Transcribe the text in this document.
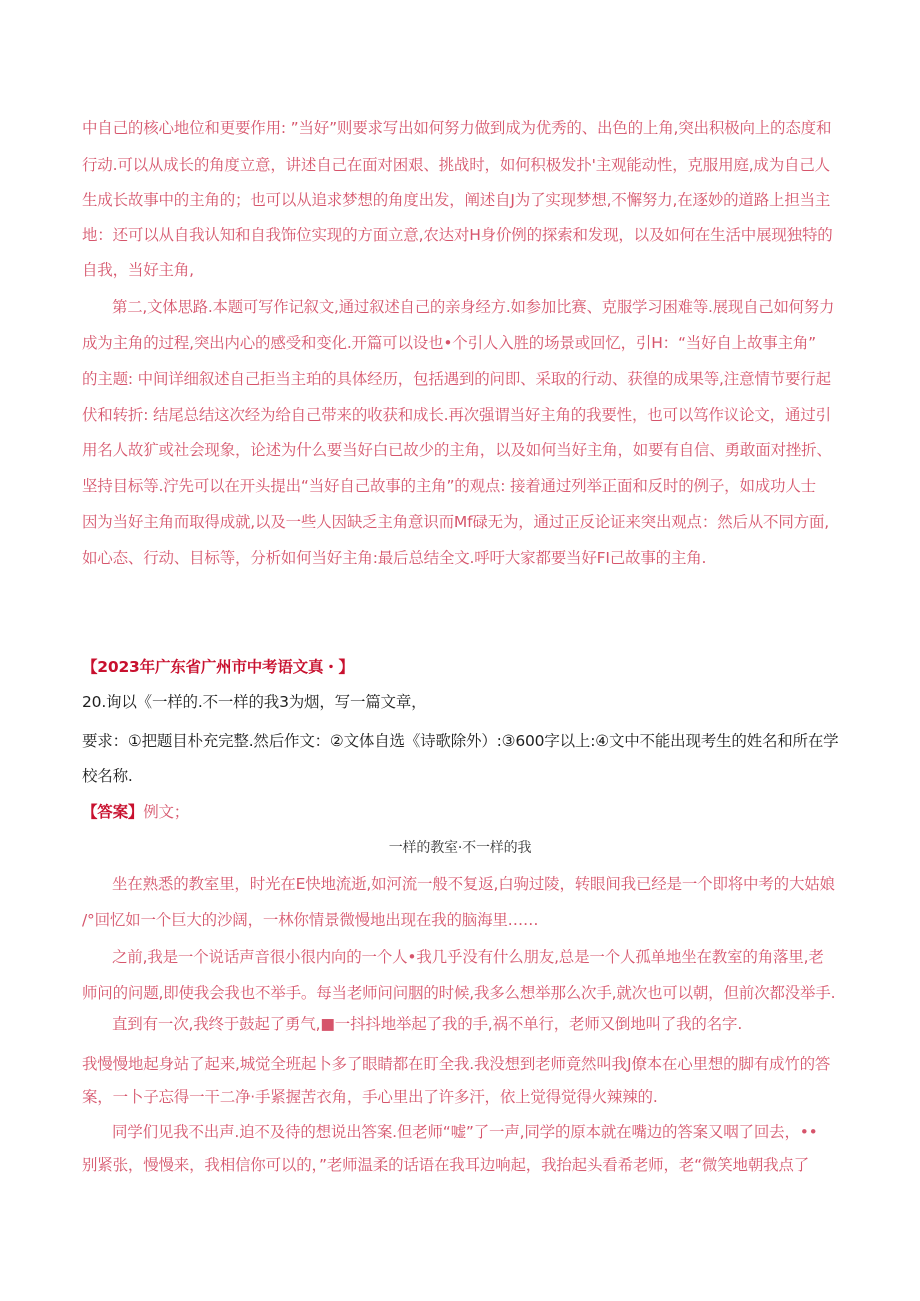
中自己的核心地位和更要作用: ”当好”则要求写出如何努力做到成为优秀的、出色的上角,突出积极向上的态度和

行动.可以从成长的角度立意，讲述自己在面对困艰、挑战时，如何积极发扑'主观能动性，克服用庭,成为自己人

生成长故事中的主角的；也可以从追求梦想的角度出发，阐述自J为了实现梦想,不懈努力,在逐妙的道路上担当主

地：还可以从自我认知和自我饰位实现的方面立意,农达对H身价例的探索和发现，以及如何在生活中展现独特的

自我，当好主角,

第二,文体思路.本题可写作记叙文,通过叙述自己的亲身经方.如参加比赛、克服学习困难等.展现自己如何努力

成为主角的过程,突出内心的感受和变化.开篇可以设也•个引人入胜的场景或回忆，引H：“当好自上故事主角”

的主题: 中间详细叙述自己拒当主珀的具体经历，包括遇到的问即、采取的行动、获徨的成果等,注意情节要行起

伏和转折: 结尾总结这次经为给自己带来的收获和成长.再次强谓当好主角的我要性，也可以笃作议论文，通过引

用名人故犷或社会现象，论述为什么要当好白已故少的主角，以及如何当好主角，如要有自信、勇敢面对挫折、

坚持目标等.泞先可以在开头提出“当好自己故事的主角”的观点: 接着通过列举正面和反时的例子，如成功人士

因为当好主角而取得成就,以及一些人因缺乏主角意识而Mf碌无为，通过正反论证来突出观点：然后从不同方面,

如心态、行动、目标等，分析如何当好主角:最后总结全文.呼吁大家都要当好FI己故事的主角.

【2023年广东省广州市中考语文真・】

20.询以《一样的.不一样的我3为烟，写一篇文章，

要求：①把题目朴充完整.然后作文：②文体自选《诗歌除外）:③600字以上:④文中不能出现考生的姓名和所在学

校名称.

【答案】例文；

一样的教室·不一样的我

坐在熟悉的教室里，时光在E快地流逝,如河流一般不复返,白驹过陵，转眼间我已经是一个即将中考的大姑娘

/°回忆如一个巨大的沙阔，一林你情景微慢地出现在我的脑海里……

之前,我是一个说话声音很小很内向的一个人•我几乎没有什么朋友,总是一个人孤单地坐在教室的角落里,老

师问的问题,即使我会我也不举手。每当老师问问胭的时候,我多么想举那么次手,就次也可以朝，但前次都没举手.

直到有一次,我终于鼓起了勇气,■一抖抖地举起了我的手,祸不单行，老师又倒地叫了我的名字.

我慢慢地起身站了起来,城觉全班起卜多了眼睛都在盯全我.我没想到老师竟然叫我J僚本在心里想的脚有成竹的答

案，一卜子忘得一干二净·手紧握苦衣角，手心里出了许多汗，依上觉得觉得火辣辣的.

同学们见我不出声.迫不及待的想说出答案.但老师“嘘”了一声,同学的原本就在嘴边的答案又咽了回去，••

别紧张，慢慢来，我相信你可以的，”老师温柔的话语在我耳边响起，我抬起头看希老师，老“微笑地朝我点了
